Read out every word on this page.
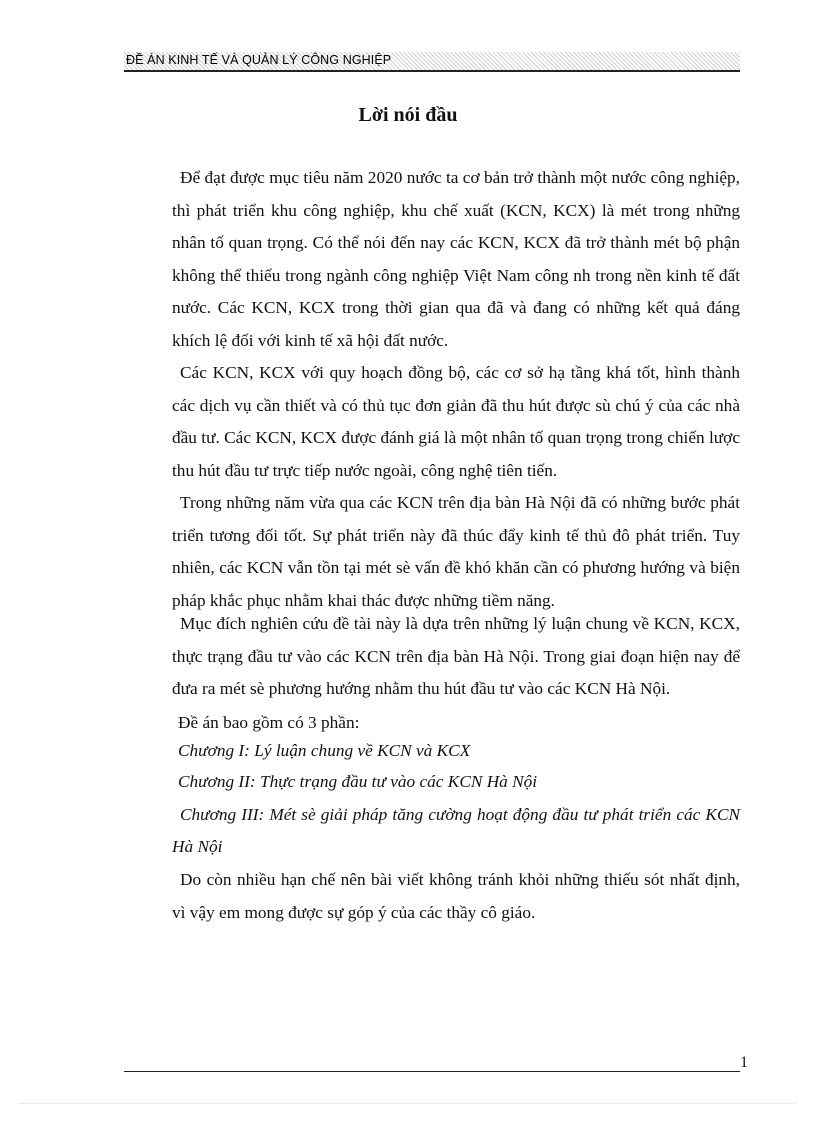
ĐỀ ÁN KINH TẾ VÀ QUẢN LÝ CÔNG NGHIỆP
Lời nói đầu
Để đạt được mục tiêu năm 2020 nước ta cơ bản trở thành một nước công nghiệp, thì phát triển khu công nghiệp, khu chế xuất (KCN, KCX) là mét trong những nhân tố quan trọng. Có thể nói đến nay các KCN, KCX đã trở thành mét bộ phận không thể thiếu trong ngành công nghiệp Việt Nam công nh trong nền kinh tế đất nước. Các KCN, KCX trong thời gian qua đã và đang có những kết quả đáng khích lệ đối với kinh tế xã hội đất nước.
Các KCN, KCX với quy hoạch đồng bộ, các cơ sở hạ tầng khá tốt, hình thành các dịch vụ cần thiết và có thủ tục đơn giản đã thu hút được sù chú ý của các nhà đầu tư. Các KCN, KCX được đánh giá là một nhân tố quan trọng trong chiến lược thu hút đầu tư trực tiếp nước ngoài, công nghệ tiên tiến.
Trong những năm vừa qua các KCN trên địa bàn Hà Nội đã có những bước phát triển tương đối tốt. Sự phát triển này đã thúc đẩy kinh tế thủ đô phát triển. Tuy nhiên, các KCN vẫn tồn tại mét sè vấn đề khó khăn cần có phương hướng và biện pháp khắc phục nhằm khai thác được những tiềm năng.
Mục đích nghiên cứu đề tài này là dựa trên những lý luận chung về KCN, KCX, thực trạng đầu tư vào các KCN trên địa bàn Hà Nội. Trong giai đoạn hiện nay để đưa ra mét sè phương hướng nhằm thu hút đầu tư vào các KCN Hà Nội.
Đề án bao gồm có 3 phần:
Chương I: Lý luận chung về KCN và KCX
Chương II: Thực trạng đầu tư vào các KCN Hà Nội
Chương III: Mét sè giải pháp tăng cường hoạt động đầu tư phát triển các KCN Hà Nội
Do còn nhiều hạn chế nên bài viết không tránh khỏi những thiếu sót nhất định, vì vậy em mong được sự góp ý của các thầy cô giáo.
1
